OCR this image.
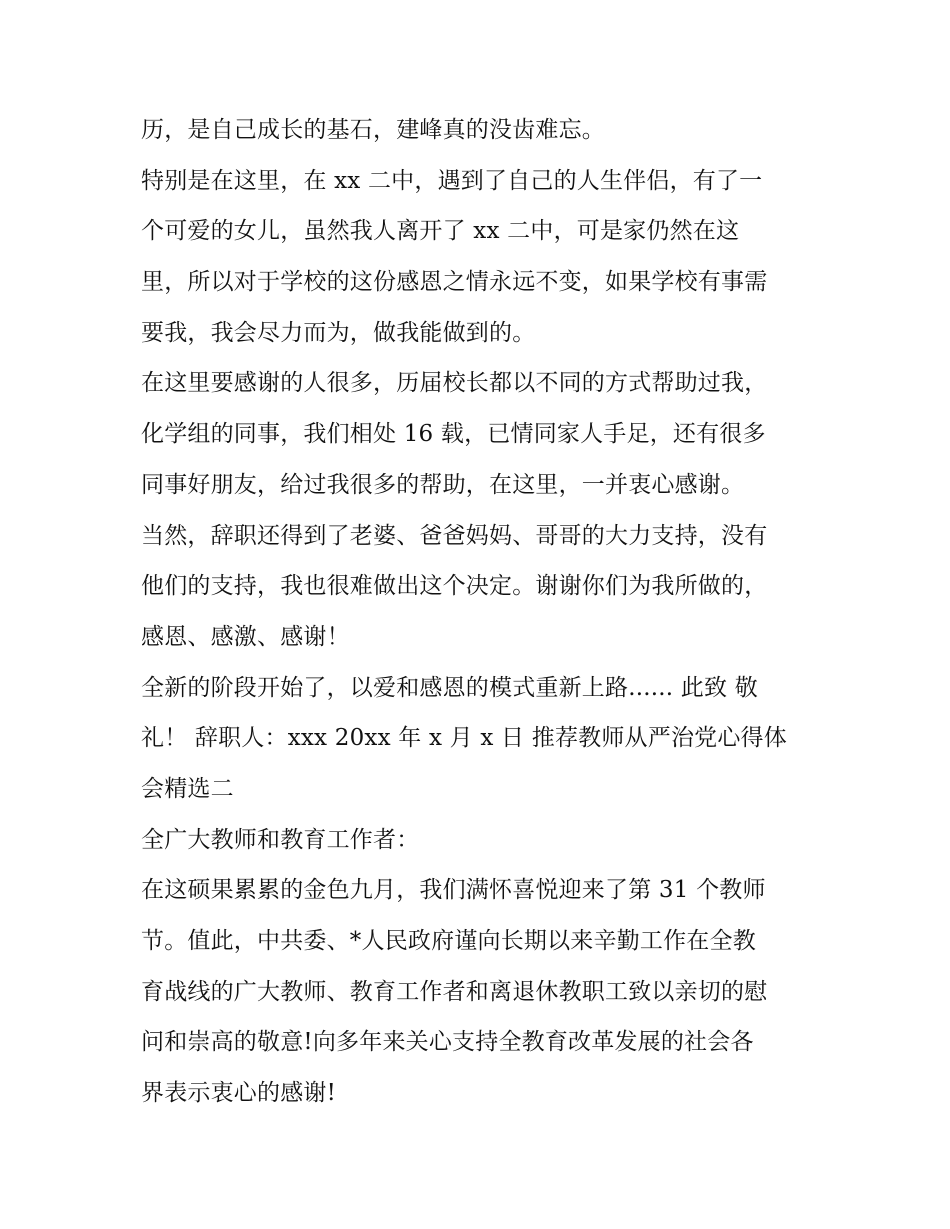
历，是自己成长的基石，建峰真的没齿难忘。
特别是在这里，在 xx 二中，遇到了自己的人生伴侣，有了一
个可爱的女儿，虽然我人离开了 xx 二中，可是家仍然在这
里，所以对于学校的这份感恩之情永远不变，如果学校有事需
要我，我会尽力而为，做我能做到的。
在这里要感谢的人很多，历届校长都以不同的方式帮助过我，
化学组的同事，我们相处 16 载，已情同家人手足，还有很多
同事好朋友，给过我很多的帮助，在这里，一并衷心感谢。
当然，辞职还得到了老婆、爸爸妈妈、哥哥的大力支持，没有
他们的支持，我也很难做出这个决定。谢谢你们为我所做的，
感恩、感激、感谢！
全新的阶段开始了，以爱和感恩的模式重新上路...... 此致 敬
礼！ 辞职人：xxx 20xx 年 x 月 x 日 推荐教师从严治党心得体
会精选二
全广大教师和教育工作者：
在这硕果累累的金色九月，我们满怀喜悦迎来了第 31 个教师
节。值此，中共委、*人民政府谨向长期以来辛勤工作在全教
育战线的广大教师、教育工作者和离退休教职工致以亲切的慰
问和崇高的敬意!向多年来关心支持全教育改革发展的社会各
界表示衷心的感谢!
